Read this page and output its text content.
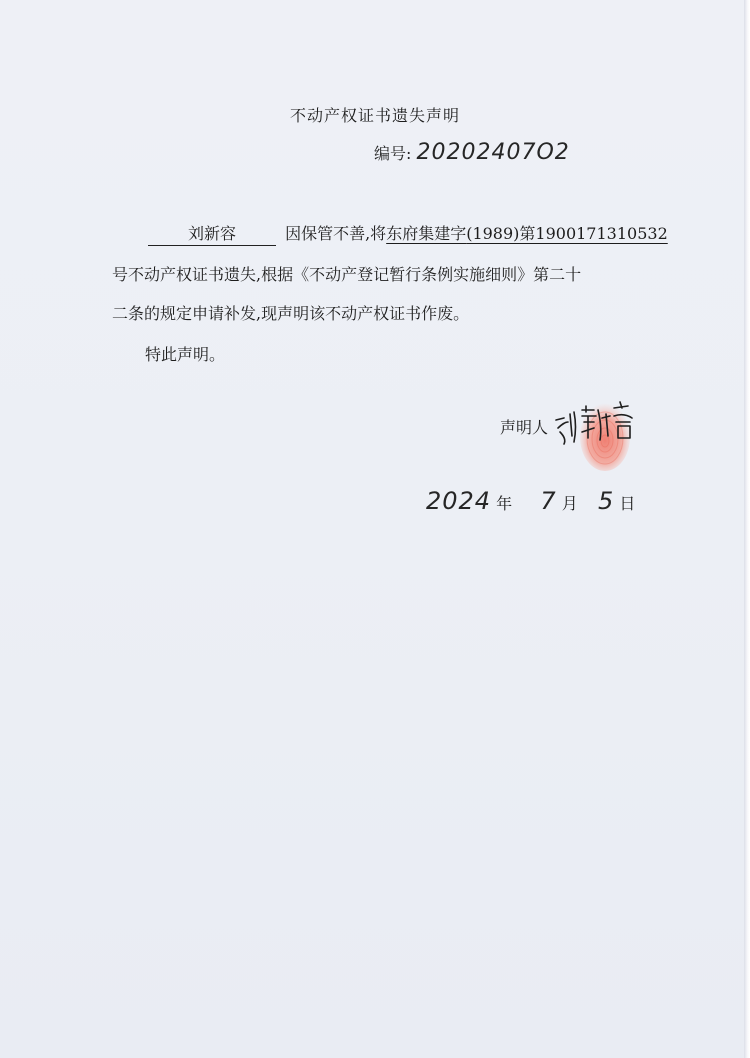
不动产权证书遗失声明
编号: 20202407O2
刘新容	因保管不善,将东府集建字(1989)第1900171310532
号不动产权证书遗失,根据《不动产登记暂行条例实施细则》第二十
二条的规定申请补发,现声明该不动产权证书作废。
特此声明。
声明人
2024 年 7 月 5 日
